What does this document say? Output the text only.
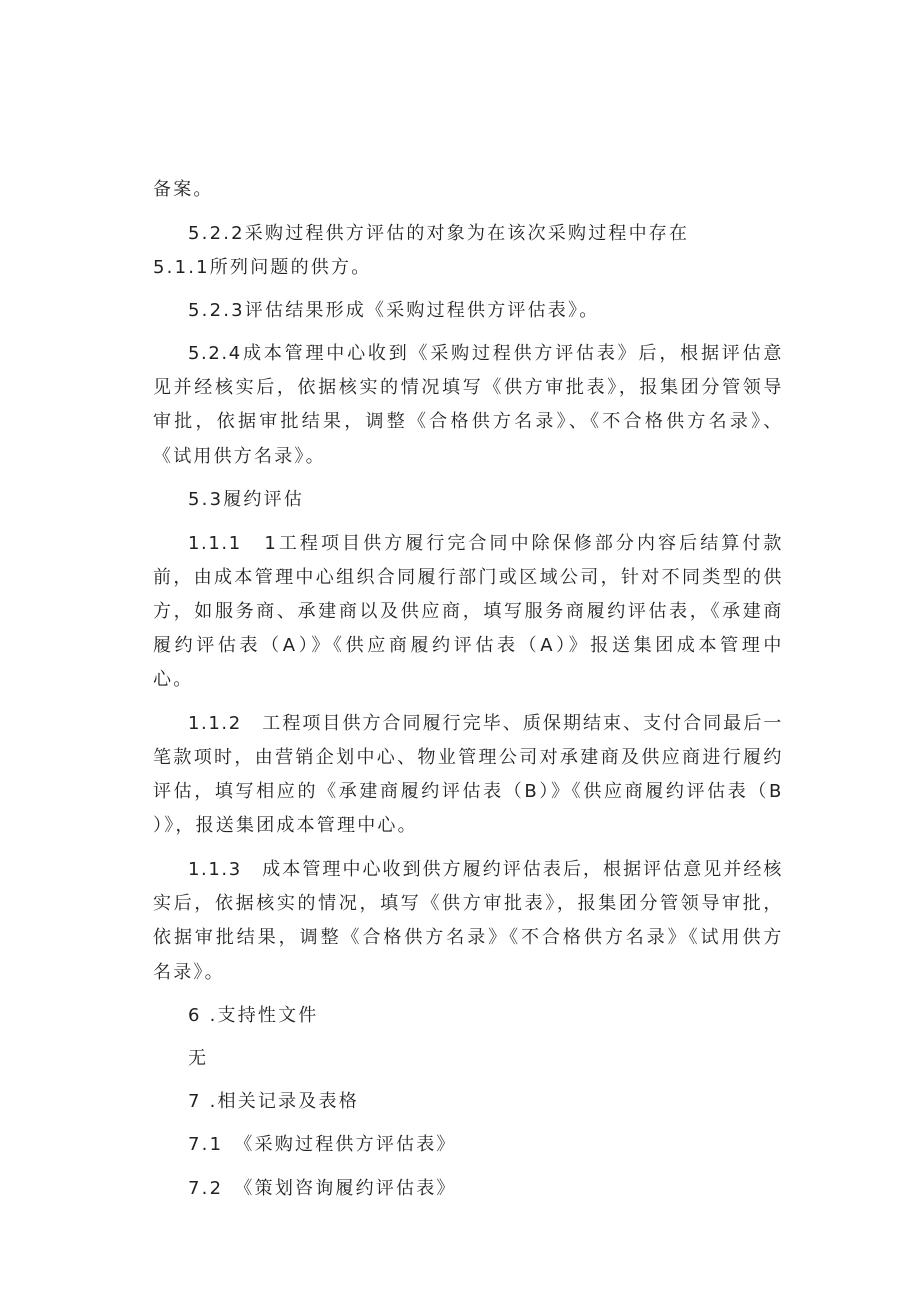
备案。

5.2.2采购过程供方评估的对象为在该次采购过程中存在

5.1.1所列问题的供方。

5.2.3评估结果形成《采购过程供方评估表》。

5.2.4成本管理中心收到《采购过程供方评估表》后，根据评估意

见并经核实后，依据核实的情况填写《供方审批表》，报集团分管领导

审批，依据审批结果，调整《合格供方名录》、《不合格供方名录》、

《试用供方名录》。

5.3履约评估

1.1.1　1工程项目供方履行完合同中除保修部分内容后结算付款

前，由成本管理中心组织合同履行部门或区域公司，针对不同类型的供

方，如服务商、承建商以及供应商，填写服务商履约评估表，《承建商

履约评估表（A）》《供应商履约评估表（A）》报送集团成本管理中

心。

1.1.2　工程项目供方合同履行完毕、质保期结束、支付合同最后一

笔款项时，由营销企划中心、物业管理公司对承建商及供应商进行履约

评估，填写相应的《承建商履约评估表（B）》《供应商履约评估表（B

）》，报送集团成本管理中心。

1.1.3　成本管理中心收到供方履约评估表后，根据评估意见并经核

实后，依据核实的情况，填写《供方审批表》，报集团分管领导审批，

依据审批结果，调整《合格供方名录》《不合格供方名录》《试用供方

名录》。

6 .支持性文件

无

7 .相关记录及表格

7.1　《采购过程供方评估表》

7.2　《策划咨询履约评估表》
